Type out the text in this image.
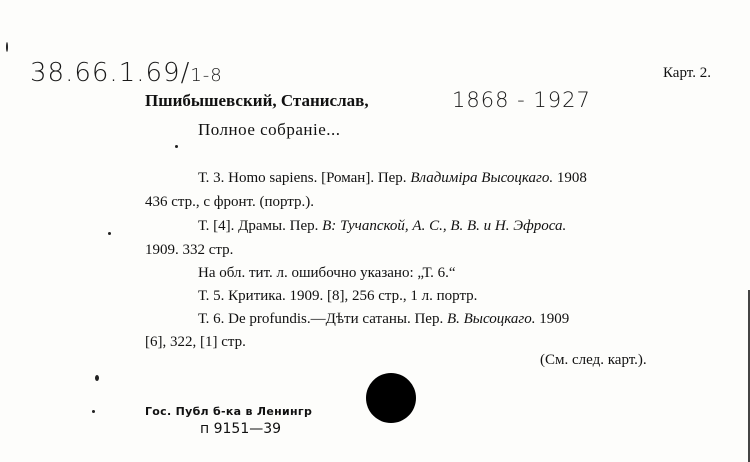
38.66.1.69/1-8	Карт. 2.
Пшибышевский, Станислав,	1868 - 1927
Полное собраніе...
Т. 3. Homo sapiens. [Роман]. Пер. Владиміра Высоцкаго. 1908
436 стр., с фронт. (портр.).
Т. [4]. Драмы. Пер. В: Тучапской, А. С., В. В. и Н. Эфроса.
1909. 332 стр.
На обл. тит. л. ошибочно указано: „Т. 6.“
Т. 5. Критика. 1909. [8], 256 стр., 1 л. портр.
Т. 6. De profundis.—Дѣти сатаны. Пер. В. Высоцкаго. 1909
[6], 322, [1] стр.
(См. след. карт.).
Гос. Публ б-ка в Ленингр
п 9151—39
